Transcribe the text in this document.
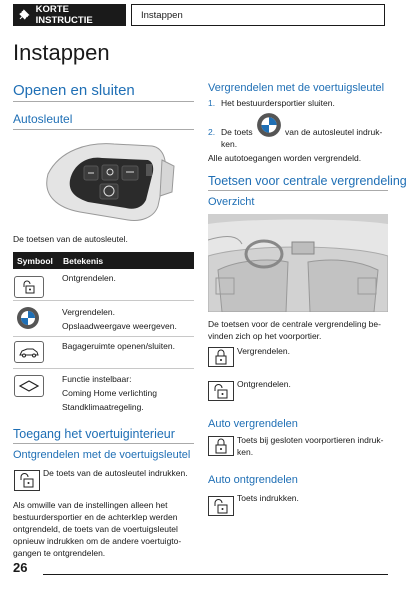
KORTE INSTRUCTIE	Instappen
Instappen
Openen en sluiten
Autosleutel
De toetsen van de autosleutel.
Symbool Betekenis
Ontgrendelen.
Vergrendelen.
Opslaadweergave weergeven.
Bagageruimte openen/sluiten.
Functie instelbaar:
Coming Home verlichting
Standklimaatregeling.
Toegang het voertuiginterieur
Ontgrendelen met de voertuigsleutel
De toets van de autosleutel indrukken.
Als omwille van de instellingen alleen het
bestuurdersportier en de achterklep werden
ontgrendeld, de toets van de voertuigsleutel
opnieuw indrukken om de andere voertuigto-
gangen te ontgrendelen.
Vergrendelen met de voertuigsleutel
1. Het bestuurdersportier sluiten.
2. De toets	van de autosleutel indruk-
ken.
Alle autotoegangen worden vergrendeld.
Toetsen voor centrale vergrendeling
Overzicht
De toetsen voor de centrale vergrendeling be-
vinden zich op het voorportier.
Vergrendelen.
Ontgrendelen.
Auto vergrendelen
Toets bij gesloten voorportieren indruk-
ken.
Auto ontgrendelen
Toets indrukken.
26
